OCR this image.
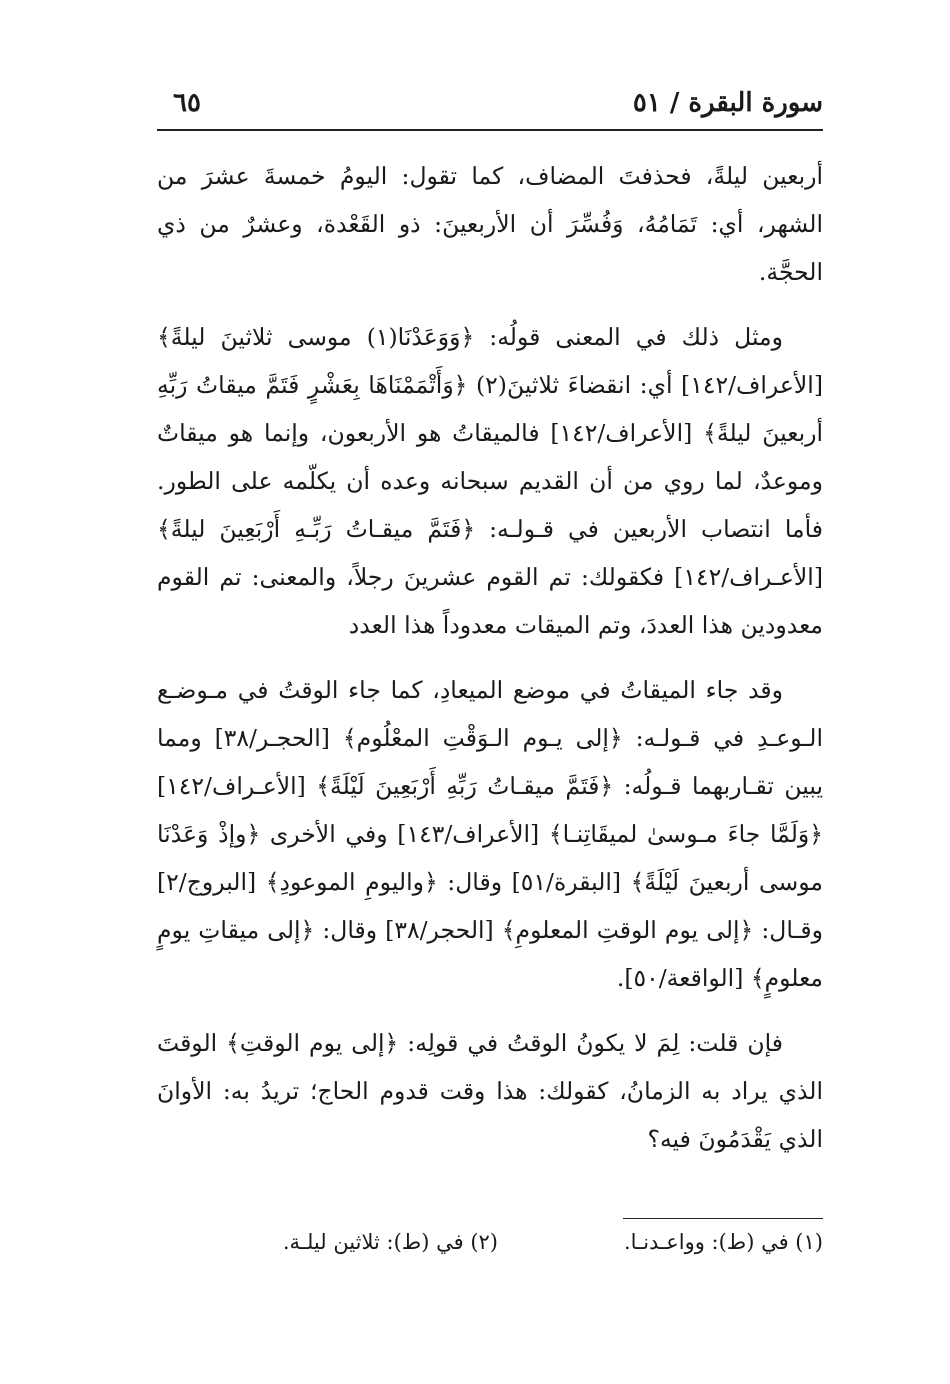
سورة البقرة / ٥١
٦٥

أربعين ليلةً، فحذفتَ المضاف، كما تقول: اليومُ خمسةَ عشرَ من الشهر، أي: تَمَامُهُ، وَفُسِّرَ أن الأربعينَ: ذو القَعْدة، وعشرٌ من ذي الحجَّة.

ومثل ذلك في المعنى قولُه: ﴿وَوَعَدْنَا(١) موسى ثلاثينَ ليلةً﴾ [الأعراف/١٤٢] أي: انقضاءَ ثلاثينَ(٢) ﴿وَأَتْمَمْنَاهَا بِعَشْرٍ فَتَمَّ ميقاتُ رَبِّهِ أربعينَ ليلةً﴾ [الأعراف/١٤٢] فالميقاتُ هو الأربعون، وإنما هو ميقاتٌ وموعدٌ، لما روي من أن القديم سبحانه وعده أن يكلّمه على الطور. فأما انتصاب الأربعين في قـولـه: ﴿فَتَمَّ ميقـاتُ رَبِّـهِ أَرْبَعِينَ ليلةً﴾ [الأعـراف/١٤٢] فكقولك: تم القوم عشرينَ رجلاً، والمعنى: تم القوم معدودين هذا العددَ، وتم الميقات معدوداً هذا العدد

وقد جاء الميقاتُ في موضع الميعادِ، كما جاء الوقتُ في مـوضـع الـوعـدِ في قـولـه: ﴿إلى يـوم الـوَقْتِ المعْلُوم﴾ [الحجـر/٣٨] ومما يبين تقـاربهما قـولُه: ﴿فَتَمَّ ميقـاتُ رَبِّهِ أَرْبَعِينَ لَيْلَةً﴾ [الأعـراف/١٤٢] ﴿وَلَمَّا جاءَ مـوسىٰ لميقَاتِنـا﴾ [الأعراف/١٤٣] وفي الأخرى ﴿وإذْ وَعَدْنَا موسى أربعينَ لَيْلَةً﴾ [البقرة/٥١] وقال: ﴿واليومِ الموعودِ﴾ [البروج/٢] وقـال: ﴿إلى يوم الوقتِ المعلومِ﴾ [الحجر/٣٨] وقال: ﴿إلى ميقاتِ يومٍ معلومٍ﴾ [الواقعة/٥٠].

فإن قلت: لِمَ لا يكونُ الوقتُ في قولِه: ﴿إلى يوم الوقتِ﴾ الوقتَ الذي يراد به الزمانُ، كقولك: هذا وقت قدوم الحاج؛ تريدُ به: الأوانَ الذي يَقْدَمُونَ فيه؟

(١) في (ط): وواعـدنـا.
(٢) في (ط): ثلاثين ليلـة.
